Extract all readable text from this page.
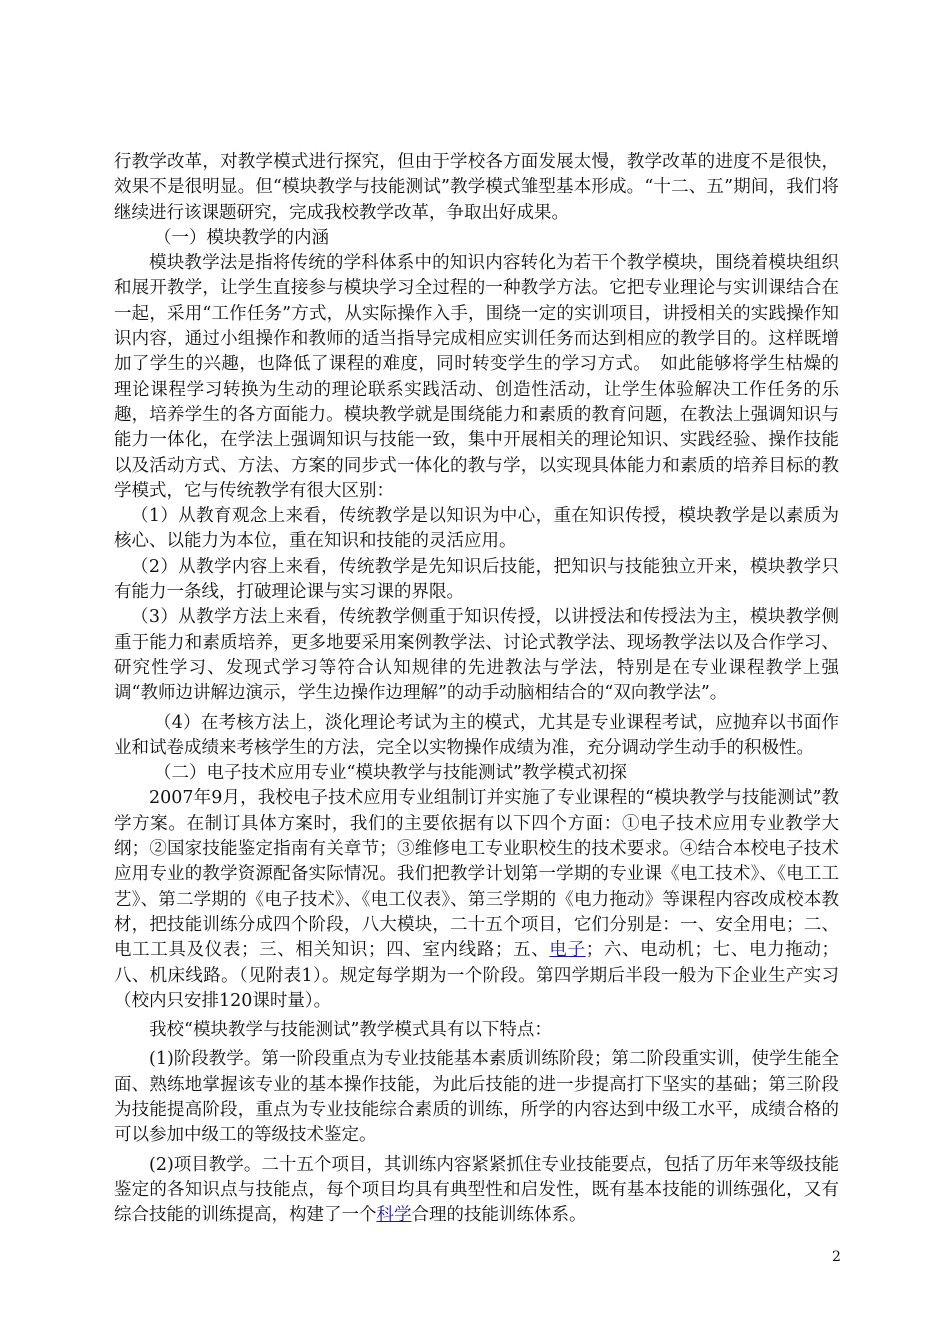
行教学改革，对教学模式进行探究，但由于学校各方面发展太慢，教学改革的进度不是很快，效果不是很明显。但“模块教学与技能测试”教学模式雏型基本形成。“十二、五”期间，我们将继续进行该课题研究，完成我校教学改革，争取出好成果。

（一）模块教学的内涵

模块教学法是指将传统的学科体系中的知识内容转化为若干个教学模块，围绕着模块组织和展开教学，让学生直接参与模块学习全过程的一种教学方法。它把专业理论与实训课结合在一起，采用“工作任务”方式，从实际操作入手，围绕一定的实训项目，讲授相关的实践操作知识内容，通过小组操作和教师的适当指导完成相应实训任务而达到相应的教学目的。这样既增加了学生的兴趣，也降低了课程的难度，同时转变学生的学习方式。　如此能够将学生枯燥的理论课程学习转换为生动的理论联系实践活动、创造性活动，让学生体验解决工作任务的乐趣，培养学生的各方面能力。模块教学就是围绕能力和素质的教育问题，在教法上强调知识与能力一体化，在学法上强调知识与技能一致，集中开展相关的理论知识、实践经验、操作技能以及活动方式、方法、方案的同步式一体化的教与学，以实现具体能力和素质的培养目标的教学模式，它与传统教学有很大区别：

（1）从教育观念上来看，传统教学是以知识为中心，重在知识传授，模块教学是以素质为核心、以能力为本位，重在知识和技能的灵活应用。

（2）从教学内容上来看，传统教学是先知识后技能，把知识与技能独立开来，模块教学只有能力一条线，打破理论课与实习课的界限。

（3）从教学方法上来看，传统教学侧重于知识传授，以讲授法和传授法为主，模块教学侧重于能力和素质培养，更多地要采用案例教学法、讨论式教学法、现场教学法以及合作学习、研究性学习、发现式学习等符合认知规律的先进教法与学法，特别是在专业课程教学上强调“教师边讲解边演示，学生边操作边理解”的动手动脑相结合的“双向教学法”。

（4）在考核方法上，淡化理论考试为主的模式，尤其是专业课程考试，应抛弃以书面作业和试卷成绩来考核学生的方法，完全以实物操作成绩为准，充分调动学生动手的积极性。

（二）电子技术应用专业“模块教学与技能测试”教学模式初探

2007年9月，我校电子技术应用专业组制订并实施了专业课程的“模块教学与技能测试”教学方案。在制订具体方案时，我们的主要依据有以下四个方面：①电子技术应用专业教学大纲；②国家技能鉴定指南有关章节；③维修电工专业职校生的技术要求。④结合本校电子技术应用专业的教学资源配备实际情况。我们把教学计划第一学期的专业课《电工技术》、《电工工艺》、第二学期的《电子技术》、《电工仪表》、第三学期的《电力拖动》等课程内容改成校本教材，把技能训练分成四个阶段，八大模块，二十五个项目，它们分别是：一、安全用电；二、电工工具及仪表；三、相关知识；四、室内线路；五、电子；六、电动机；七、电力拖动；八、机床线路。（见附表1）。规定每学期为一个阶段。第四学期后半段一般为下企业生产实习（校内只安排120课时量）。

我校“模块教学与技能测试”教学模式具有以下特点：

(1)阶段教学。第一阶段重点为专业技能基本素质训练阶段；第二阶段重实训，使学生能全面、熟练地掌握该专业的基本操作技能，为此后技能的进一步提高打下坚实的基础；第三阶段为技能提高阶段，重点为专业技能综合素质的训练，所学的内容达到中级工水平，成绩合格的可以参加中级工的等级技术鉴定。

(2)项目教学。二十五个项目，其训练内容紧紧抓住专业技能要点，包括了历年来等级技能鉴定的各知识点与技能点，每个项目均具有典型性和启发性，既有基本技能的训练强化，又有综合技能的训练提高，构建了一个科学合理的技能训练体系。

2
